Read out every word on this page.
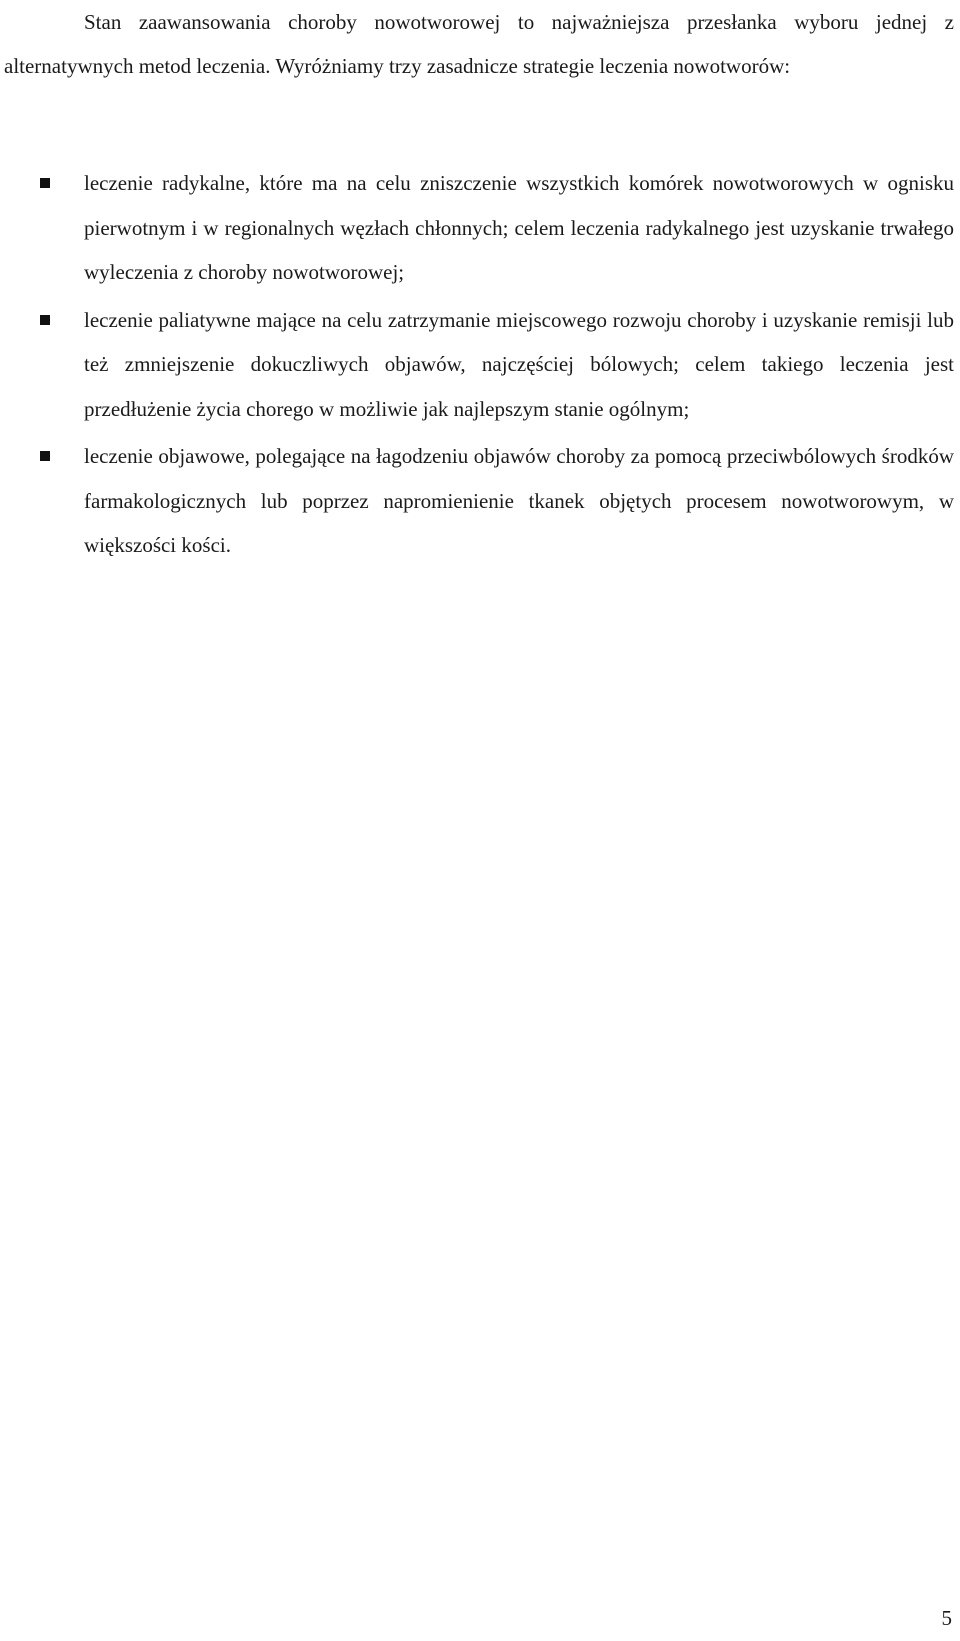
Stan zaawansowania choroby nowotworowej to najważniejsza przesłanka wyboru jednej z alternatywnych metod leczenia. Wyróżniamy trzy zasadnicze strategie leczenia nowotworów:

leczenie radykalne, które ma na celu zniszczenie wszystkich komórek nowotworowych w ognisku pierwotnym i w regionalnych węzłach chłonnych; celem leczenia radykalnego jest uzyskanie trwałego wyleczenia z choroby nowotworowej;
leczenie paliatywne mające na celu zatrzymanie miejscowego rozwoju choroby i uzyskanie remisji lub też zmniejszenie dokuczliwych objawów, najczęściej bólowych; celem takiego leczenia jest przedłużenie życia chorego w możliwie jak najlepszym stanie ogólnym;
leczenie objawowe, polegające na łagodzeniu objawów choroby za pomocą przeciwbólowych środków farmakologicznych lub poprzez napromienienie tkanek objętych procesem nowotworowym, w większości kości.
5
